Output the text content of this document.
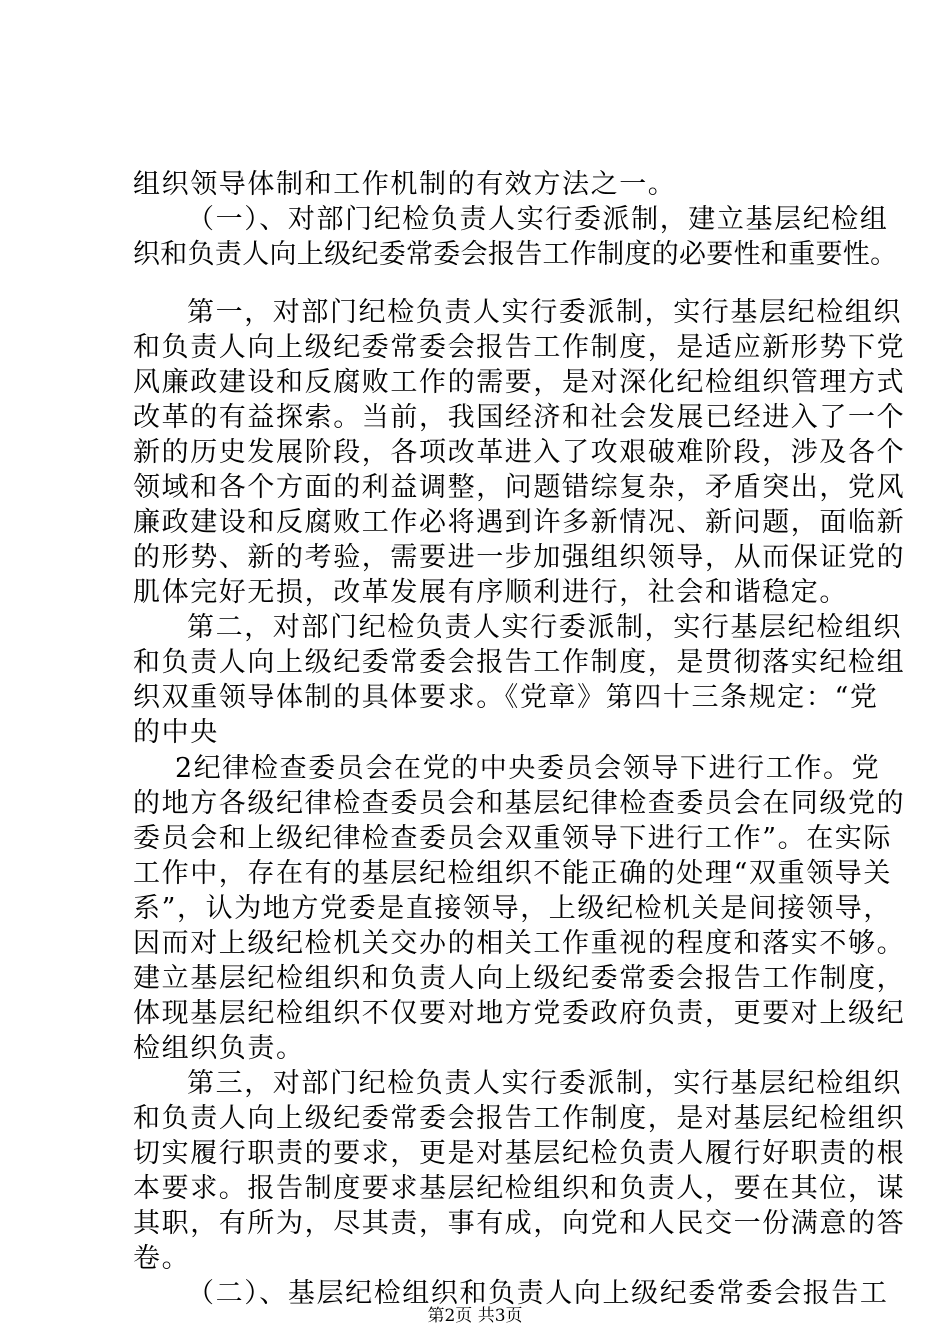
组织领导体制和工作机制的有效方法之一。
（一）、对部门纪检负责人实行委派制，建立基层纪检组
织和负责人向上级纪委常委会报告工作制度的必要性和重要性。
第一，对部门纪检负责人实行委派制，实行基层纪检组织
和负责人向上级纪委常委会报告工作制度，是适应新形势下党
风廉政建设和反腐败工作的需要，是对深化纪检组织管理方式
改革的有益探索。当前，我国经济和社会发展已经进入了一个
新的历史发展阶段，各项改革进入了攻艰破难阶段，涉及各个
领域和各个方面的利益调整，问题错综复杂，矛盾突出，党风
廉政建设和反腐败工作必将遇到许多新情况、新问题，面临新
的形势、新的考验，需要进一步加强组织领导，从而保证党的
肌体完好无损，改革发展有序顺利进行，社会和谐稳定。
第二，对部门纪检负责人实行委派制，实行基层纪检组织
和负责人向上级纪委常委会报告工作制度，是贯彻落实纪检组
织双重领导体制的具体要求。《党章》第四十三条规定：“党
的中央
2纪律检查委员会在党的中央委员会领导下进行工作。党
的地方各级纪律检查委员会和基层纪律检查委员会在同级党的
委员会和上级纪律检查委员会双重领导下进行工作”。在实际
工作中，存在有的基层纪检组织不能正确的处理“双重领导关
系”，认为地方党委是直接领导，上级纪检机关是间接领导，
因而对上级纪检机关交办的相关工作重视的程度和落实不够。
建立基层纪检组织和负责人向上级纪委常委会报告工作制度，
体现基层纪检组织不仅要对地方党委政府负责，更要对上级纪
检组织负责。
第三，对部门纪检负责人实行委派制，实行基层纪检组织
和负责人向上级纪委常委会报告工作制度，是对基层纪检组织
切实履行职责的要求，更是对基层纪检负责人履行好职责的根
本要求。报告制度要求基层纪检组织和负责人，要在其位，谋
其职，有所为，尽其责，事有成，向党和人民交一份满意的答
卷。
（二）、基层纪检组织和负责人向上级纪委常委会报告工
第2页 共3页
